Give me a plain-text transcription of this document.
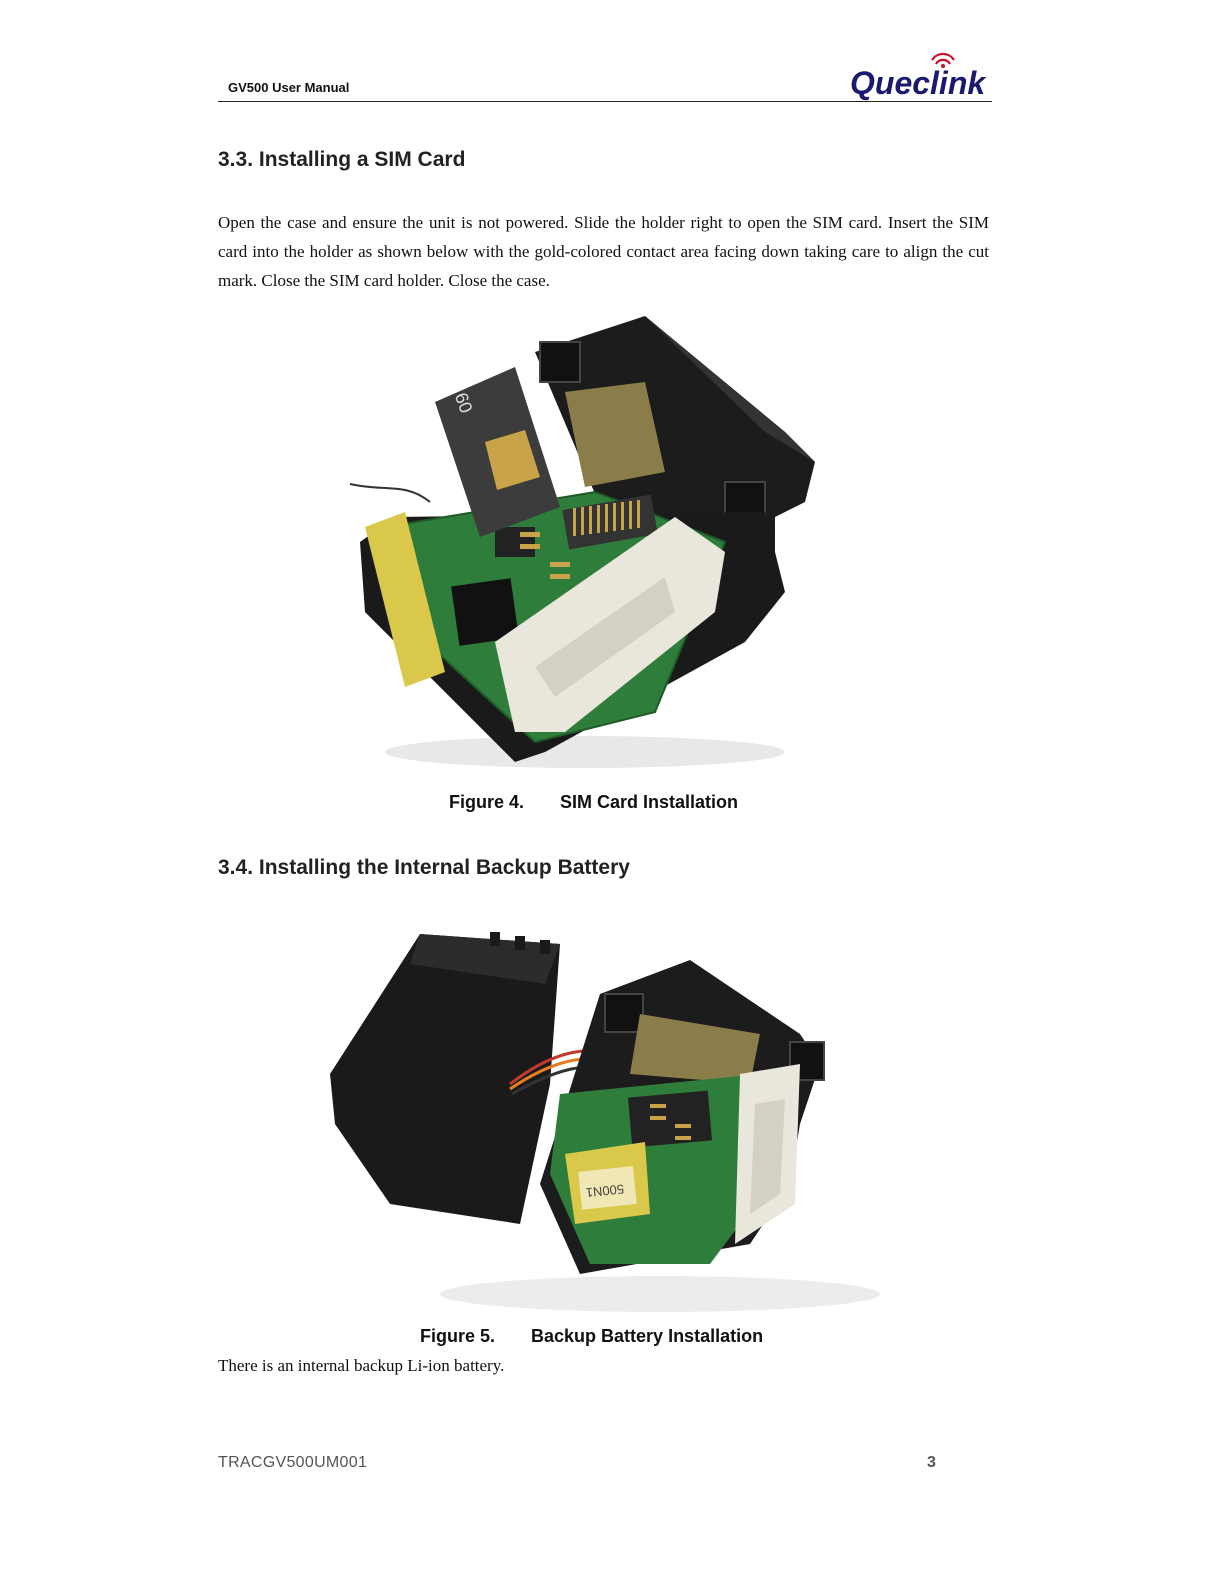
GV500 User Manual	Queclink
3.3. Installing a SIM Card

Open the case and ensure the unit is not powered. Slide the holder right to open the SIM card. Insert the SIM card into the holder as shown below with the gold-colored contact area facing down taking care to align the cut mark. Close the SIM card holder. Close the case.

09
Figure 4. SIM Card Installation
3.4. Installing the Internal Backup Battery
500N1
Figure 5. Backup Battery Installation
There is an internal backup Li-ion battery.
TRACGV500UM001	3
